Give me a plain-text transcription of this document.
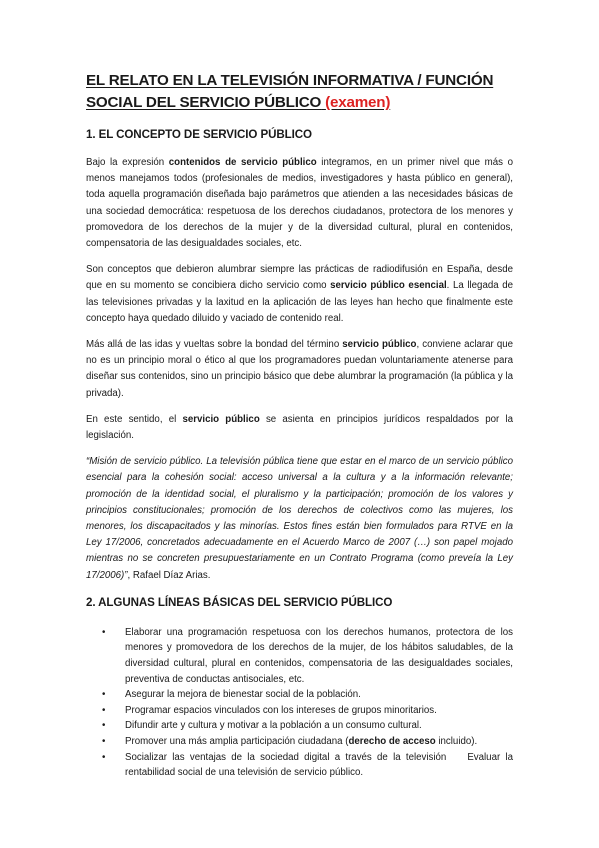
EL RELATO EN LA TELEVISIÓN INFORMATIVA / FUNCIÓN SOCIAL DEL SERVICIO PÚBLICO (examen)
1. EL CONCEPTO DE SERVICIO PÚBLICO

Bajo la expresión contenidos de servicio público integramos, en un primer nivel que más o menos manejamos todos (profesionales de medios, investigadores y hasta público en general), toda aquella programación diseñada bajo parámetros que atienden a las necesidades básicas de una sociedad democrática: respetuosa de los derechos ciudadanos, protectora de los menores y promovedora de los derechos de la mujer y de la diversidad cultural, plural en contenidos, compensatoria de las desigualdades sociales, etc.

Son conceptos que debieron alumbrar siempre las prácticas de radiodifusión en España, desde que en su momento se concibiera dicho servicio como servicio público esencial. La llegada de las televisiones privadas y la laxitud en la aplicación de las leyes han hecho que finalmente este concepto haya quedado diluido y vaciado de contenido real.

Más allá de las idas y vueltas sobre la bondad del término servicio público, conviene aclarar que no es un principio moral o ético al que los programadores puedan voluntariamente atenerse para diseñar sus contenidos, sino un principio básico que debe alumbrar la programación (la pública y la privada).

En este sentido, el servicio público se asienta en principios jurídicos respaldados por la legislación.

“Misión de servicio público. La televisión pública tiene que estar en el marco de un servicio público esencial para la cohesión social: acceso universal a la cultura y a la información relevante; promoción de la identidad social, el pluralismo y la participación; promoción de los valores y principios constitucionales; promoción de los derechos de colectivos como las mujeres, los menores, los discapacitados y las minorías. Estos fines están bien formulados para RTVE en la Ley 17/2006, concretados adecuadamente en el Acuerdo Marco de 2007 (…) son papel mojado mientras no se concreten presupuestariamente en un Contrato Programa (como preveía la Ley 17/2006)”, Rafael Díaz Arias.

2. ALGUNAS LÍNEAS BÁSICAS DEL SERVICIO PÚBLICO
• Elaborar una programación respetuosa con los derechos humanos, protectora de los menores y promovedora de los derechos de la mujer, de los hábitos saludables, de la diversidad cultural, plural en contenidos, compensatoria de las desigualdades sociales, preventiva de conductas antisociales, etc.
• Asegurar la mejora de bienestar social de la población.
• Programar espacios vinculados con los intereses de grupos minoritarios.
• Difundir arte y cultura y motivar a la población a un consumo cultural.
• Promover una más amplia participación ciudadana (derecho de acceso incluido).
• Socializar las ventajas de la sociedad digital a través de la televisión    Evaluar la rentabilidad social de una televisión de servicio público.
